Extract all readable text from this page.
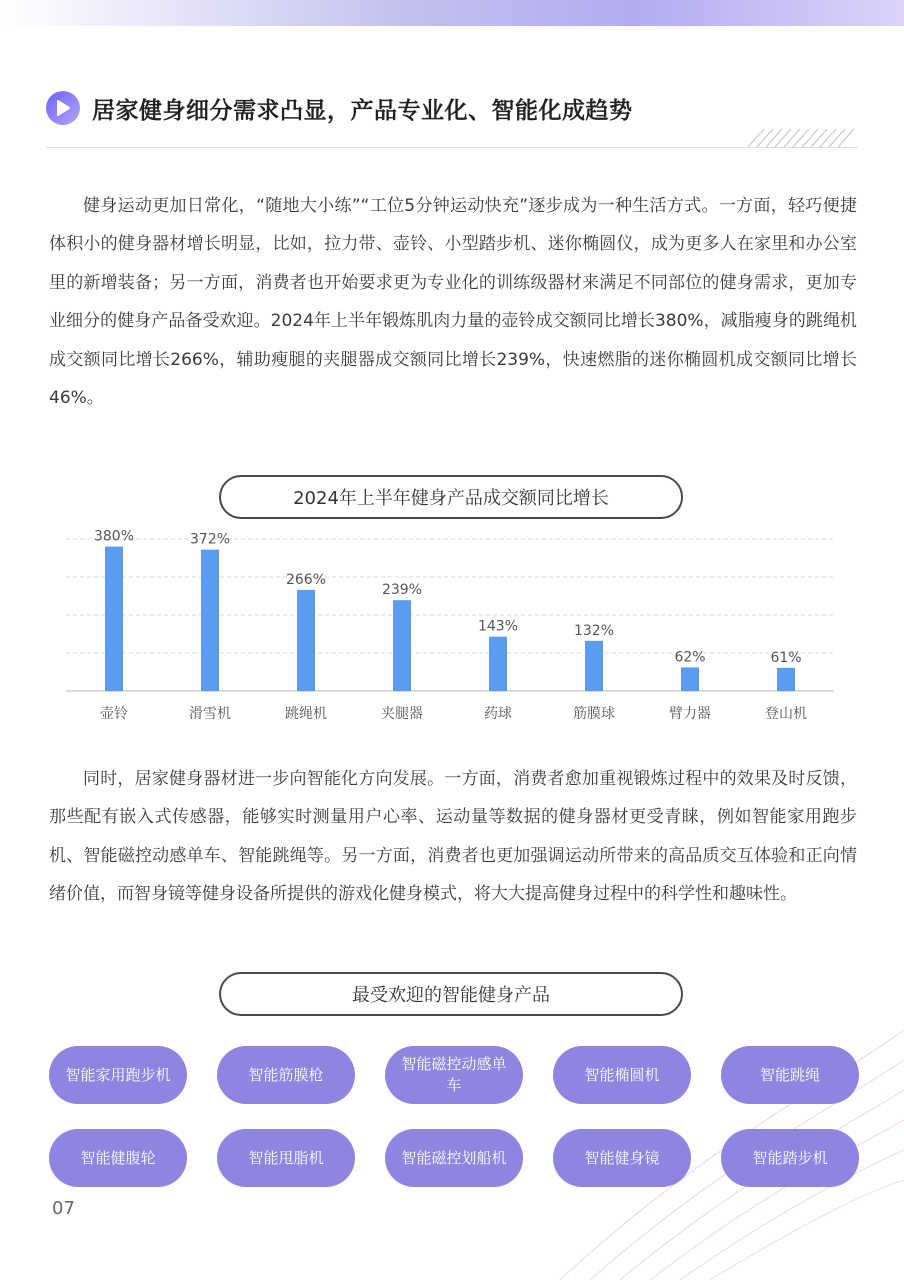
居家健身细分需求凸显，产品专业化、智能化成趋势

健身运动更加日常化，“随地大小练”“工位5分钟运动快充”逐步成为一种生活方式。一方面，轻巧便捷体积小的健身器材增长明显，比如，拉力带、壶铃、小型踏步机、迷你椭圆仪，成为更多人在家里和办公室里的新增装备；另一方面，消费者也开始要求更为专业化的训练级器材来满足不同部位的健身需求，更加专业细分的健身产品备受欢迎。2024年上半年锻炼肌肉力量的壶铃成交额同比增长380%，减脂瘦身的跳绳机成交额同比增长266%，辅助瘦腿的夹腿器成交额同比增长239%，快速燃脂的迷你椭圆机成交额同比增长46%。

2024年上半年健身产品成交额同比增长
380%
壶铃
372%
滑雪机
266%
跳绳机
239%
夹腿器
143%
药球
132%
筋膜球
62%
臂力器
61%
登山机

同时，居家健身器材进一步向智能化方向发展。一方面，消费者愈加重视锻炼过程中的效果及时反馈，那些配有嵌入式传感器，能够实时测量用户心率、运动量等数据的健身器材更受青睐，例如智能家用跑步机、智能磁控动感单车、智能跳绳等。另一方面，消费者也更加强调运动所带来的高品质交互体验和正向情绪价值，而智身镜等健身设备所提供的游戏化健身模式，将大大提高健身过程中的科学性和趣味性。

最受欢迎的智能健身产品
智能家用跑步机	智能筋膜枪
智能磁控动感单车
智能椭圆机	智能跳绳
智能健腹轮	智能甩脂机	智能磁控划船机	智能健身镜	智能踏步机
07
